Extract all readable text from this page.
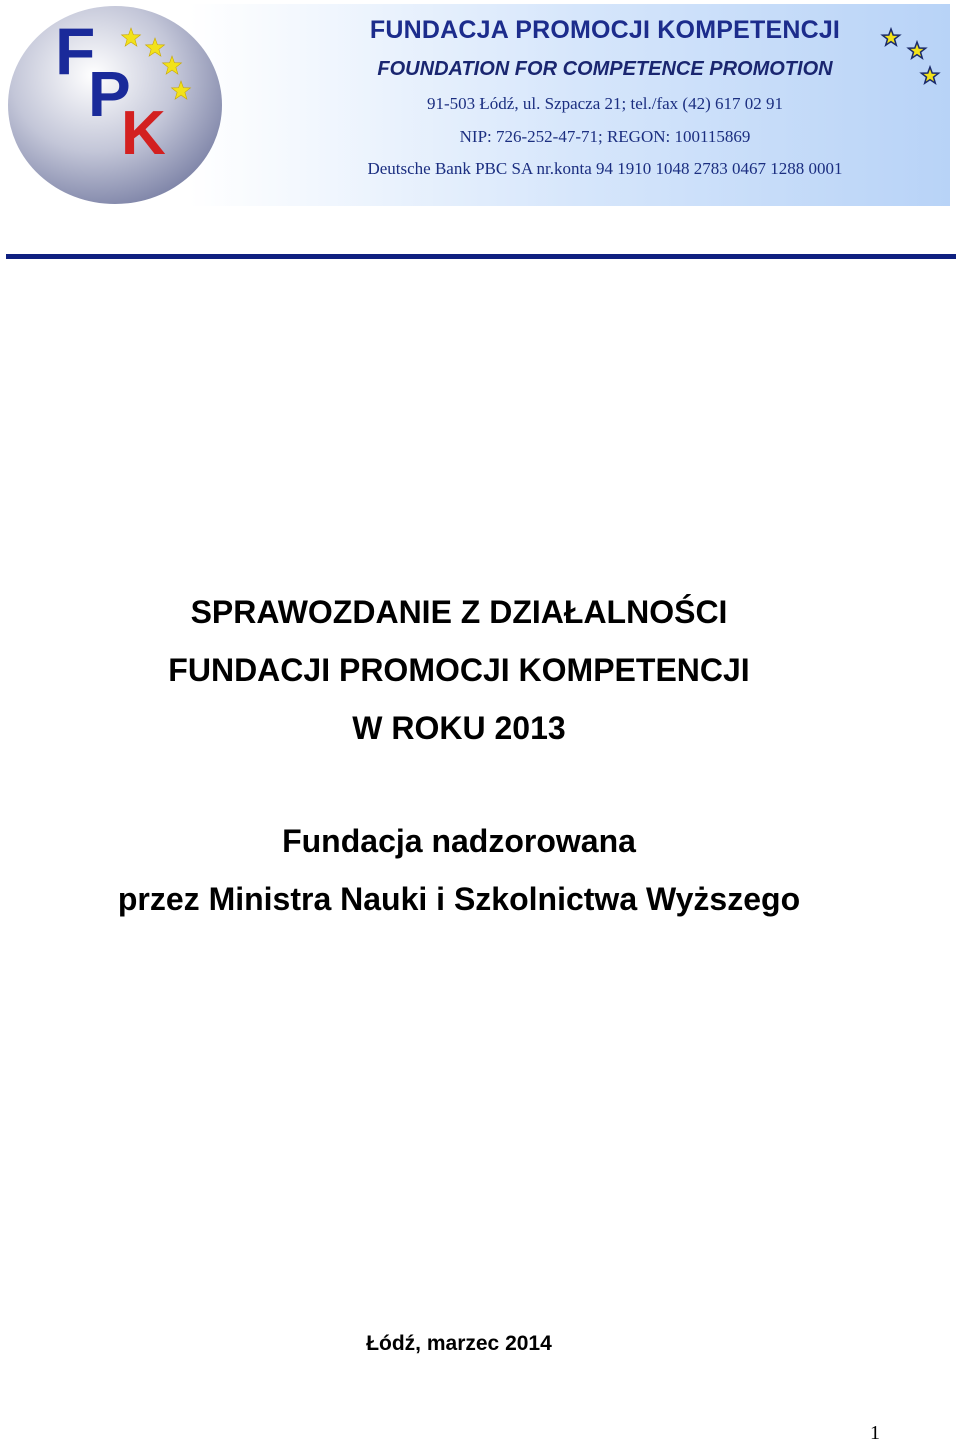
F
P
K
FUNDACJA PROMOCJI KOMPETENCJI
FOUNDATION FOR COMPETENCE PROMOTION
91-503 Łódź, ul. Szpacza 21; tel./fax (42) 617 02 91
NIP: 726-252-47-71; REGON: 100115869
Deutsche Bank PBC SA nr.konta 94 1910 1048 2783 0467 1288 0001
SPRAWOZDANIE Z DZIAŁALNOŚCI
FUNDACJI PROMOCJI KOMPETENCJI
W ROKU 2013
Fundacja nadzorowana
przez Ministra Nauki i Szkolnictwa Wyższego
Łódź, marzec 2014
1
